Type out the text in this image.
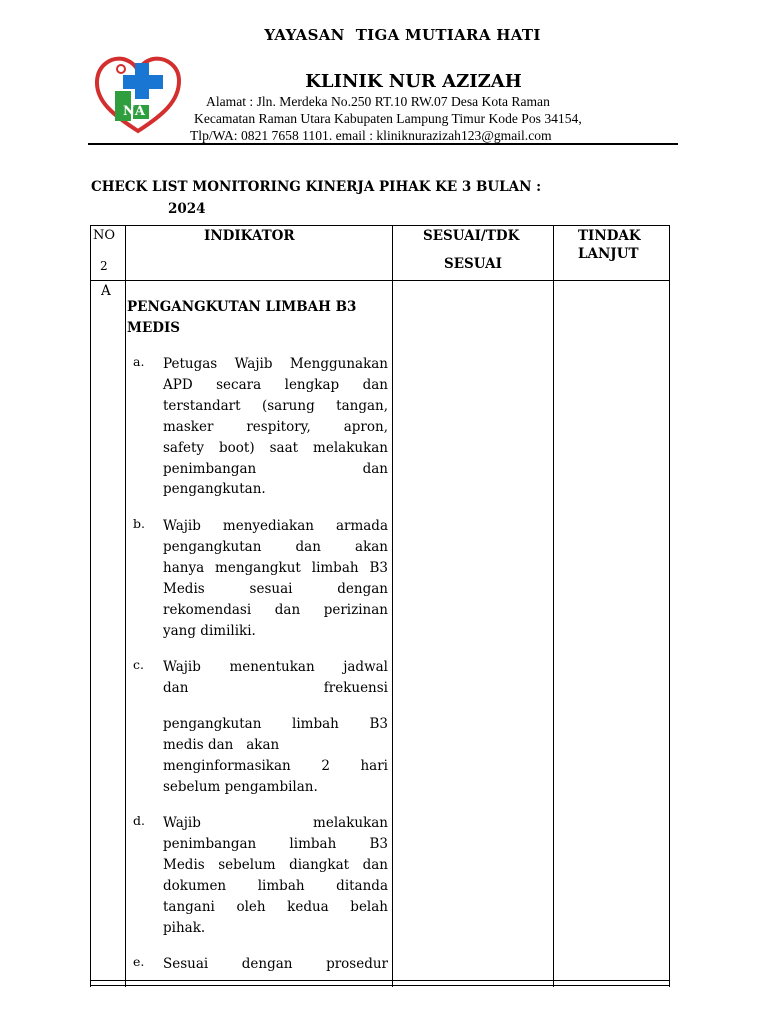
YAYASAN  TIGA MUTIARA HATI
NA
KLINIK NUR AZIZAH
Alamat : Jln. Merdeka No.250 RT.10 RW.07 Desa Kota Raman
Kecamatan Raman Utara Kabupaten Lampung Timur Kode Pos 34154,
Tlp/WA: 0821 7658 1101. email : kliniknurazizah123@gmail.com
CHECK LIST MONITORING KINERJA PIHAK KE 3 BULAN :
2024
NO
2
INDIKATOR	SESUAI/TDK
SESUAI
TINDAK
LANJUT
A
PENGANGKUTAN LIMBAH B3 MEDIS
a. Petugas Wajib Menggunakan
APD secara lengkap dan
terstandart (sarung tangan,
masker respitory, apron,
safety boot) saat melakukan
penimbangan dan
pengangkutan.
b. Wajib menyediakan armada
pengangkutan dan akan
hanya mengangkut limbah B3
Medis sesuai dengan
rekomendasi dan perizinan
yang dimiliki.
c. Wajib menentukan jadwal
dan frekuensi
pengangkutan limbah B3
medis dan   akan
menginformasikan 2 hari
sebelum pengambilan.
d. Wajib melakukan
penimbangan limbah B3
Medis sebelum diangkat dan
dokumen limbah ditanda
tangani oleh kedua belah
pihak.
e. Sesuai dengan prosedur
